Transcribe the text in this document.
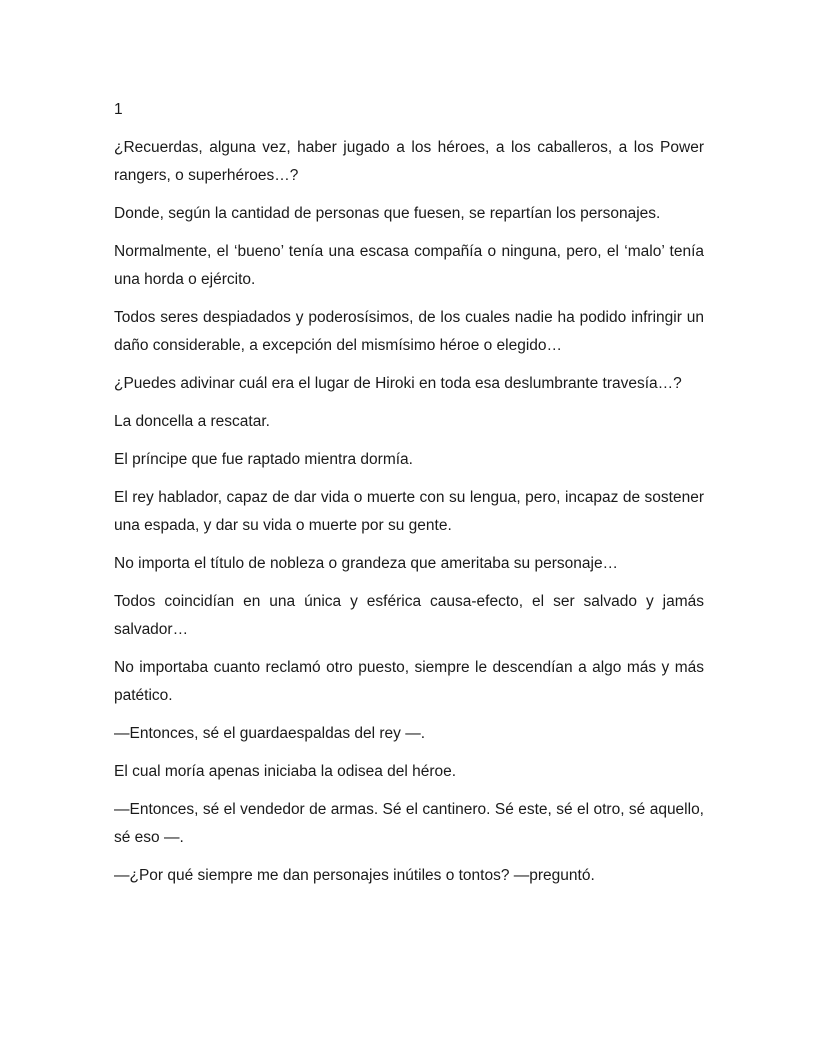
1

¿Recuerdas, alguna vez, haber jugado a los héroes, a los caballeros, a los Power rangers, o superhéroes…?

Donde, según la cantidad de personas que fuesen, se repartían los personajes.

Normalmente, el ‘bueno’ tenía una escasa compañía o ninguna, pero, el ‘malo’ tenía una horda o ejército.

Todos seres despiadados y poderosísimos, de los cuales nadie ha podido infringir un daño considerable, a excepción del mismísimo héroe o elegido…

¿Puedes adivinar cuál era el lugar de Hiroki en toda esa deslumbrante travesía…?

La doncella a rescatar.

El príncipe que fue raptado mientra dormía.

El rey hablador, capaz de dar vida o muerte con su lengua, pero, incapaz de sostener una espada, y dar su vida o muerte por su gente.

No importa el título de nobleza o grandeza que ameritaba su personaje…

Todos coincidían en una única y esférica causa-efecto, el ser salvado y jamás salvador…

No importaba cuanto reclamó otro puesto, siempre le descendían a algo más y más patético.

—Entonces, sé el guardaespaldas del rey —.

El cual moría apenas iniciaba la odisea del héroe.

—Entonces, sé el vendedor de armas. Sé el cantinero. Sé este, sé el otro, sé aquello, sé eso —.

—¿Por qué siempre me dan personajes inútiles o tontos? —preguntó.
